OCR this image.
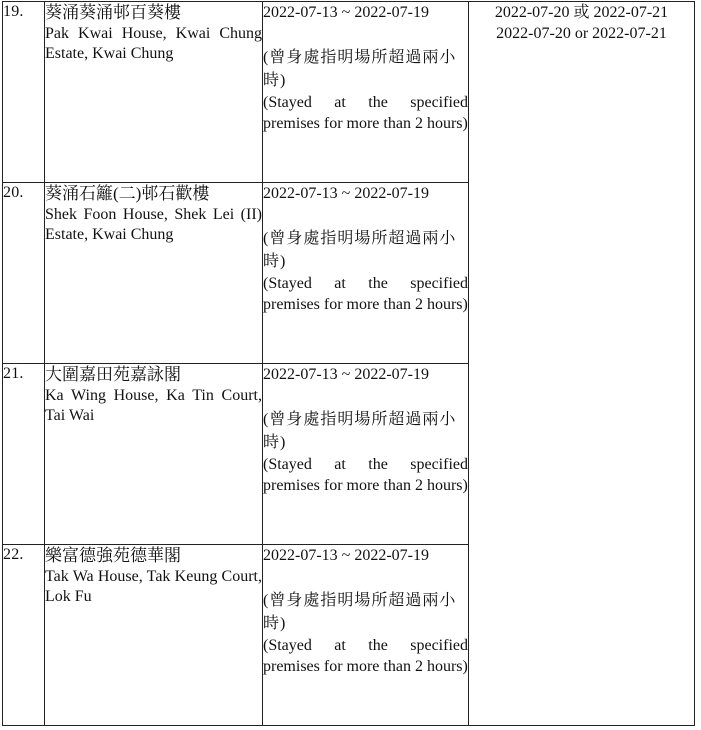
19.	葵涌葵涌邨百葵樓
Pak Kwai House, Kwai Chung Estate, Kwai Chung	2022-07-13 ~ 2022-07-19
(曾身處指明場所超過兩小時)
(Stayed at the specified premises for more than 2 hours)	2022-07-20 或 2022-07-21
2022-07-20 or 2022-07-21

20.	葵涌石籬(二)邨石歡樓
Shek Foon House, Shek Lei (II) Estate, Kwai Chung	2022-07-13 ~ 2022-07-19
(曾身處指明場所超過兩小時)
(Stayed at the specified premises for more than 2 hours)	

21.	大圍嘉田苑嘉詠閣
Ka Wing House, Ka Tin Court, Tai Wai	2022-07-13 ~ 2022-07-19
(曾身處指明場所超過兩小時)
(Stayed at the specified premises for more than 2 hours)	

22.	樂富德強苑德華閣
Tak Wa House, Tak Keung Court, Lok Fu	2022-07-13 ~ 2022-07-19
(曾身處指明場所超過兩小時)
(Stayed at the specified premises for more than 2 hours)	
